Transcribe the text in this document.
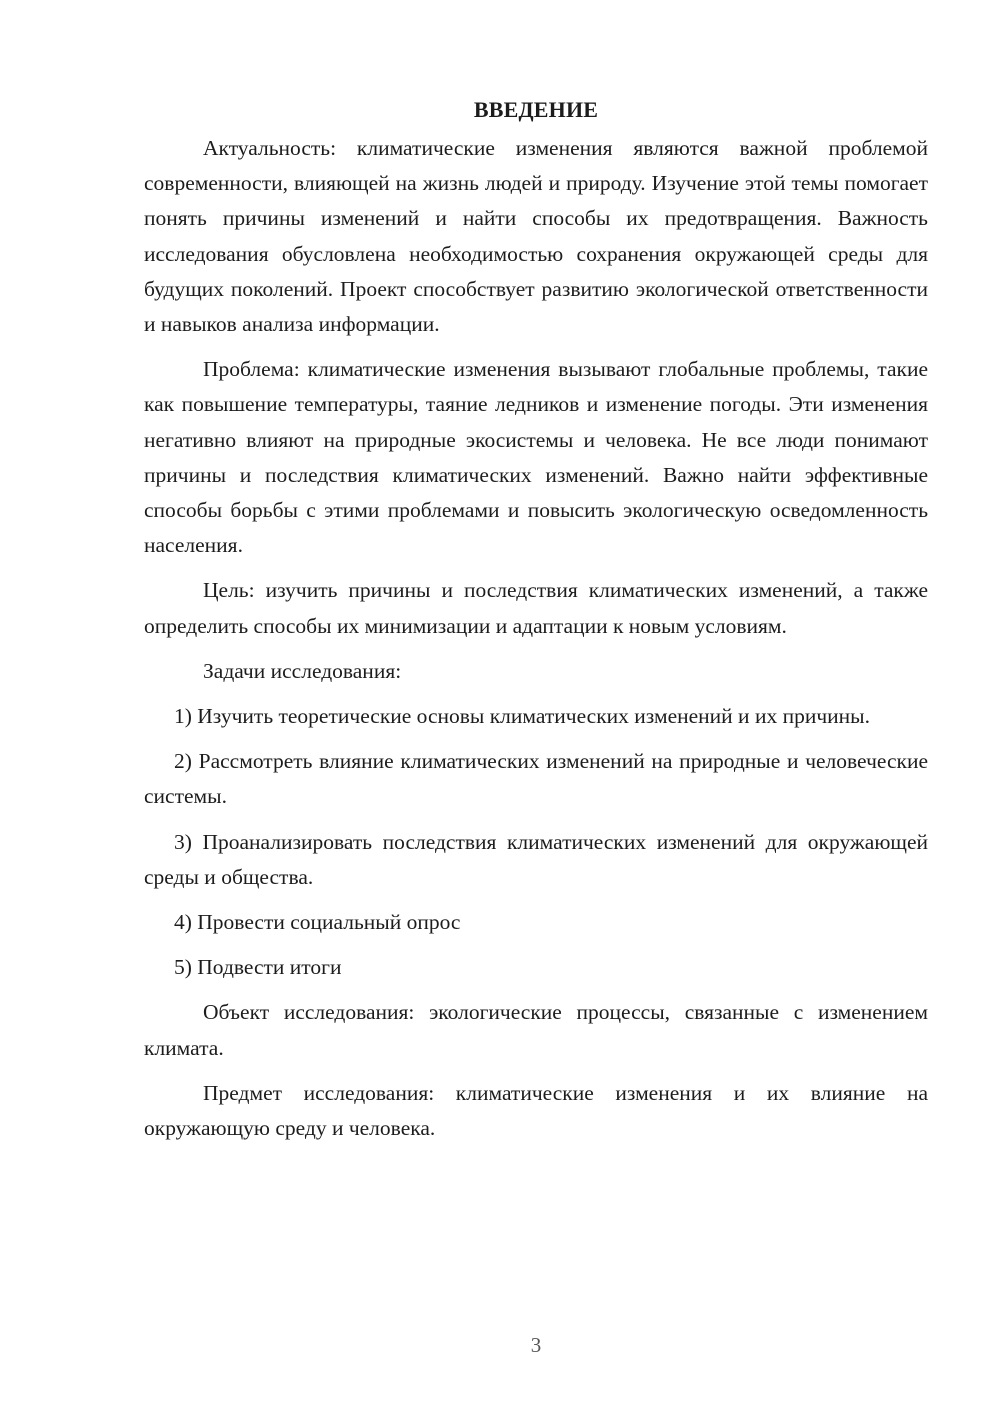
ВВЕДЕНИЕ

Актуальность: климатические изменения являются важной проблемой современности, влияющей на жизнь людей и природу. Изучение этой темы помогает понять причины изменений и найти способы их предотвращения. Важность исследования обусловлена необходимостью сохранения окружающей среды для будущих поколений. Проект способствует развитию экологической ответственности и навыков анализа информации.

Проблема: климатические изменения вызывают глобальные проблемы, такие как повышение температуры, таяние ледников и изменение погоды. Эти изменения негативно влияют на природные экосистемы и человека. Не все люди понимают причины и последствия климатических изменений. Важно найти эффективные способы борьбы с этими проблемами и повысить экологическую осведомленность населения.

Цель: изучить причины и последствия климатических изменений, а также определить способы их минимизации и адаптации к новым условиям.

Задачи исследования:

1) Изучить теоретические основы климатических изменений и их причины.

2) Рассмотреть влияние климатических изменений на природные и человеческие системы.

3) Проанализировать последствия климатических изменений для окружающей среды и общества.

4) Провести социальный опрос

5) Подвести итоги

Объект исследования: экологические процессы, связанные с изменением климата.

Предмет исследования: климатические изменения и их влияние на окружающую среду и человека.

3
